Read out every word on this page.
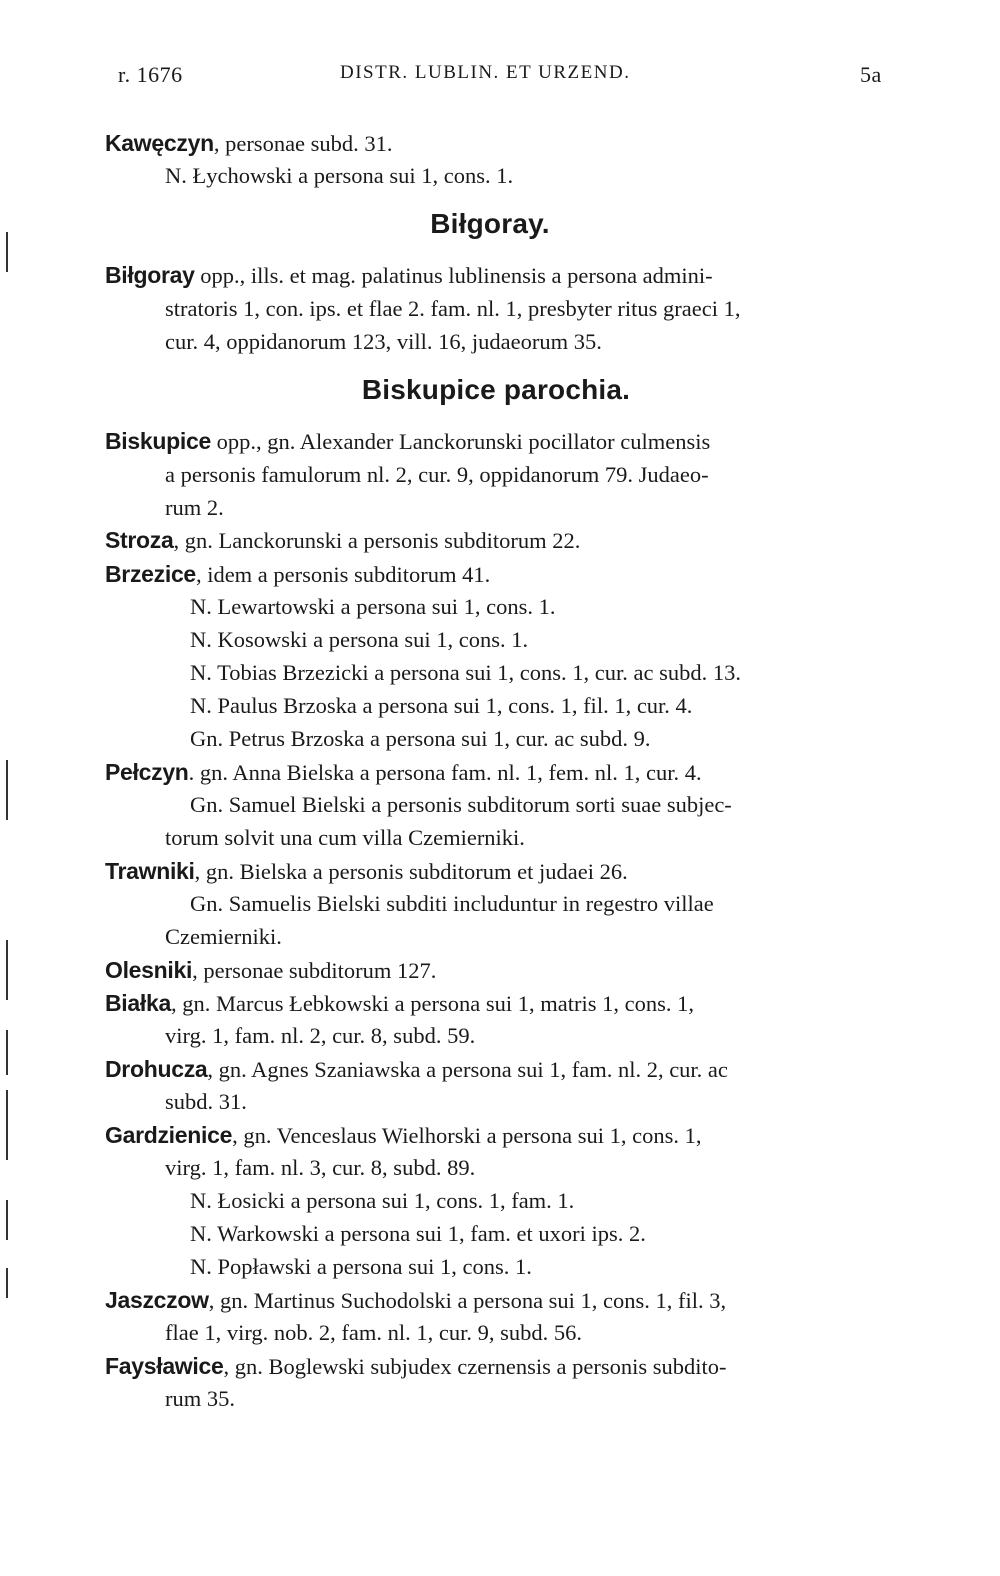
r. 1676	DISTR. LUBLIN. ET URZEND.	5a
Kawęczyn, personae subd. 31.
N. Łychowski a persona sui 1, cons. 1.
Biłgoray.
Biłgoray opp., ills. et mag. palatinus lublinensis a persona admini-
stratoris 1, con. ips. et flae 2. fam. nl. 1, presbyter ritus graeci 1,
cur. 4, oppidanorum 123, vill. 16, judaeorum 35.
Biskupice parochia.
Biskupice opp., gn. Alexander Lanckorunski pocillator culmensis
a personis famulorum nl. 2, cur. 9, oppidanorum 79. Judaeo-
rum 2.
Stroza, gn. Lanckorunski a personis subditorum 22.
Brzezice, idem a personis subditorum 41.
N. Lewartowski a persona sui 1, cons. 1.
N. Kosowski a persona sui 1, cons. 1.
N. Tobias Brzezicki a persona sui 1, cons. 1, cur. ac subd. 13.
N. Paulus Brzoska a persona sui 1, cons. 1, fil. 1, cur. 4.
Gn. Petrus Brzoska a persona sui 1, cur. ac subd. 9.
Pełczyn. gn. Anna Bielska a persona fam. nl. 1, fem. nl. 1, cur. 4.
Gn. Samuel Bielski a personis subditorum sorti suae subjec-
torum solvit una cum villa Czemierniki.
Trawniki, gn. Bielska a personis subditorum et judaei 26.
Gn. Samuelis Bielski subditi includuntur in regestro villae
Czemierniki.
Olesniki, personae subditorum 127.
Białka, gn. Marcus Łebkowski a persona sui 1, matris 1, cons. 1,
virg. 1, fam. nl. 2, cur. 8, subd. 59.
Drohucza, gn. Agnes Szaniawska a persona sui 1, fam. nl. 2, cur. ac
subd. 31.
Gardzienice, gn. Venceslaus Wielhorski a persona sui 1, cons. 1,
virg. 1, fam. nl. 3, cur. 8, subd. 89.
N. Łosicki a persona sui 1, cons. 1, fam. 1.
N. Warkowski a persona sui 1, fam. et uxori ips. 2.
N. Popławski a persona sui 1, cons. 1.
Jaszczow, gn. Martinus Suchodolski a persona sui 1, cons. 1, fil. 3,
flae 1, virg. nob. 2, fam. nl. 1, cur. 9, subd. 56.
Faysławice, gn. Boglewski subjudex czernensis a personis subdito-
rum 35.
